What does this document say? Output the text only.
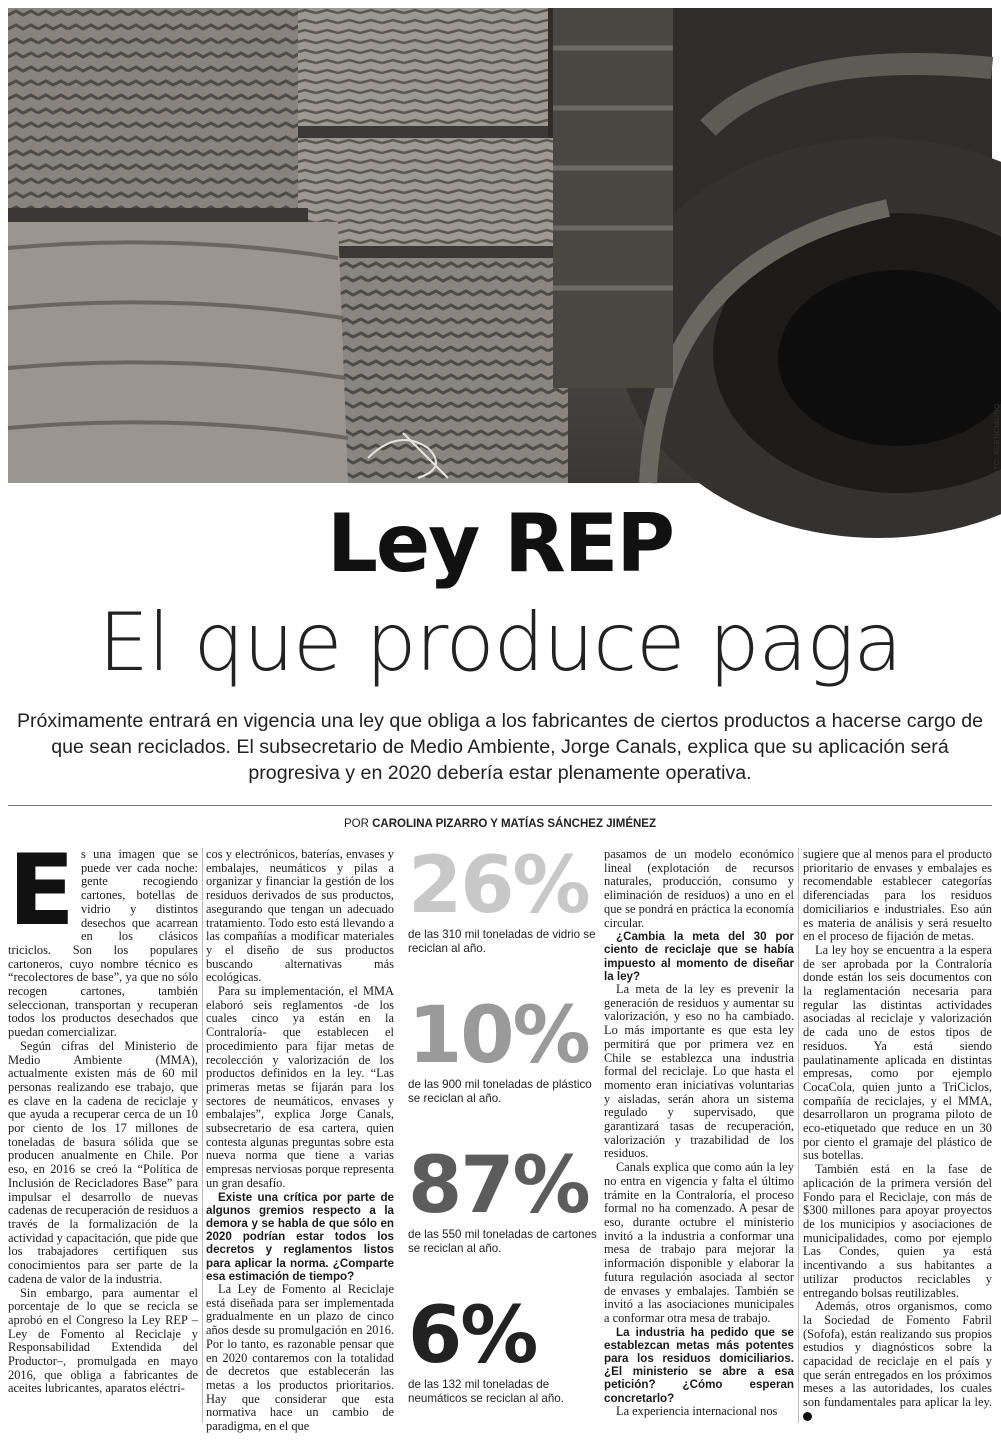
FOTO: AGENCIAUNO
Ley REP
El que produce paga
Próximamente entrará en vigencia una ley que obliga a los fabricantes de ciertos productos a hacerse cargo de que sean reciclados. El subsecretario de Medio Ambiente, Jorge Canals, explica que su aplicación será progresiva y en 2020 debería estar plenamente operativa.
POR CAROLINA PIZARRO Y MATÍAS SÁNCHEZ JIMÉNEZ

Es una imagen que se puede ver cada noche: gente recogiendo cartones, botellas de vidrio y distintos desechos que acarrean en los clásicos triciclos. Son los populares cartoneros, cuyo nombre técnico es “recolectores de base”, ya que no sólo recogen cartones, también seleccionan, transportan y recuperan todos los productos desechados que puedan comercializar.

Según cifras del Ministerio de Medio Ambiente (MMA), actualmente existen más de 60 mil personas realizando ese trabajo, que es clave en la cadena de reciclaje y que ayuda a recuperar cerca de un 10 por ciento de los 17 millones de toneladas de basura sólida que se producen anualmente en Chile. Por eso, en 2016 se creó la “Política de Inclusión de Recicladores Base” para impulsar el desarrollo de nuevas cadenas de recuperación de residuos a través de la formalización de la actividad y capacitación, que pide que los trabajadores certifiquen sus conocimientos para ser parte de la cadena de valor de la industria.

Sin embargo, para aumentar el porcentaje de lo que se recicla se aprobó en el Congreso la Ley REP –Ley de Fomento al Reciclaje y Responsabilidad Extendida del Productor–, promulgada en mayo 2016, que obliga a fabricantes de aceites lubricantes, aparatos eléctri-

cos y electrónicos, baterías, envases y embalajes, neumáticos y pilas a organizar y financiar la gestión de los residuos derivados de sus productos, asegurando que tengan un adecuado tratamiento. Todo esto está llevando a las compañías a modificar materiales y el diseño de sus productos buscando alternativas más ecológicas.

Para su implementación, el MMA elaboró seis reglamentos -de los cuales cinco ya están en la Contraloría- que establecen el procedimiento para fijar metas de recolección y valorización de los productos definidos en la ley. “Las primeras metas se fijarán para los sectores de neumáticos, envases y embalajes”, explica Jorge Canals, subsecretario de esa cartera, quien contesta algunas preguntas sobre esta nueva norma que tiene a varias empresas nerviosas porque representa un gran desafío.

Existe una crítica por parte de algunos gremios respecto a la demora y se habla de que sólo en 2020 podrían estar todos los decretos y reglamentos listos para aplicar la norma. ¿Comparte esa estimación de tiempo?

La Ley de Fomento al Reciclaje está diseñada para ser implementada gradualmente en un plazo de cinco años desde su promulgación en 2016. Por lo tanto, es razonable pensar que en 2020 contaremos con la totalidad de decretos que establecerán las metas a los productos prioritarios. Hay que considerar que esta normativa hace un cambio de paradigma, en el que

26%
de las 310 mil toneladas de vidrio se reciclan al año.
10%
de las 900 mil toneladas de plástico se reciclan al año.
87%
de las 550 mil toneladas de cartones se reciclan al año.
6%
de las 132 mil toneladas de neumáticos se reciclan al año.

pasamos de un modelo económico lineal (explotación de recursos naturales, producción, consumo y eliminación de residuos) a uno en el que se pondrá en práctica la economía circular.

¿Cambia la meta del 30 por ciento de reciclaje que se había impuesto al momento de diseñar la ley?

La meta de la ley es prevenir la generación de residuos y aumentar su valorización, y eso no ha cambiado. Lo más importante es que esta ley permitirá que por primera vez en Chile se establezca una industria formal del reciclaje. Lo que hasta el momento eran iniciativas voluntarias y aisladas, serán ahora un sistema regulado y supervisado, que garantizará tasas de recuperación, valorización y trazabilidad de los residuos.

Canals explica que como aún la ley no entra en vigencia y falta el último trámite en la Contraloría, el proceso formal no ha comenzado. A pesar de eso, durante octubre el ministerio invitó a la industria a conformar una mesa de trabajo para mejorar la información disponible y elaborar la futura regulación asociada al sector de envases y embalajes. También se invitó a las asociaciones municipales a conformar otra mesa de trabajo.

La industria ha pedido que se establezcan metas más potentes para los residuos domiciliarios. ¿El ministerio se abre a esa petición? ¿Cómo esperan concretarlo?

La experiencia internacional nos

sugiere que al menos para el producto prioritario de envases y embalajes es recomendable establecer categorías diferenciadas para los residuos domiciliarios e industriales. Eso aún es materia de análisis y será resuelto en el proceso de fijación de metas.

La ley hoy se encuentra a la espera de ser aprobada por la Contraloría donde están los seis documentos con la reglamentación necesaria para regular las distintas actividades asociadas al reciclaje y valorización de cada uno de estos tipos de residuos. Ya está siendo paulatinamente aplicada en distintas empresas, como por ejemplo CocaCola, quien junto a TriCiclos, compañía de reciclajes, y el MMA, desarrollaron un programa piloto de eco-etiquetado que reduce en un 30 por ciento el gramaje del plástico de sus botellas.

También está en la fase de aplicación de la primera versión del Fondo para el Reciclaje, con más de $300 millones para apoyar proyectos de los municipios y asociaciones de municipalidades, como por ejemplo Las Condes, quien ya está incentivando a sus habitantes a utilizar productos reciclables y entregando bolsas reutilizables.

Además, otros organismos, como la Sociedad de Fomento Fabril (Sofofa), están realizando sus propios estudios y diagnósticos sobre la capacidad de reciclaje en el país y que serán entregados en los próximos meses a las autoridades, los cuales son fundamentales para aplicar la ley.
